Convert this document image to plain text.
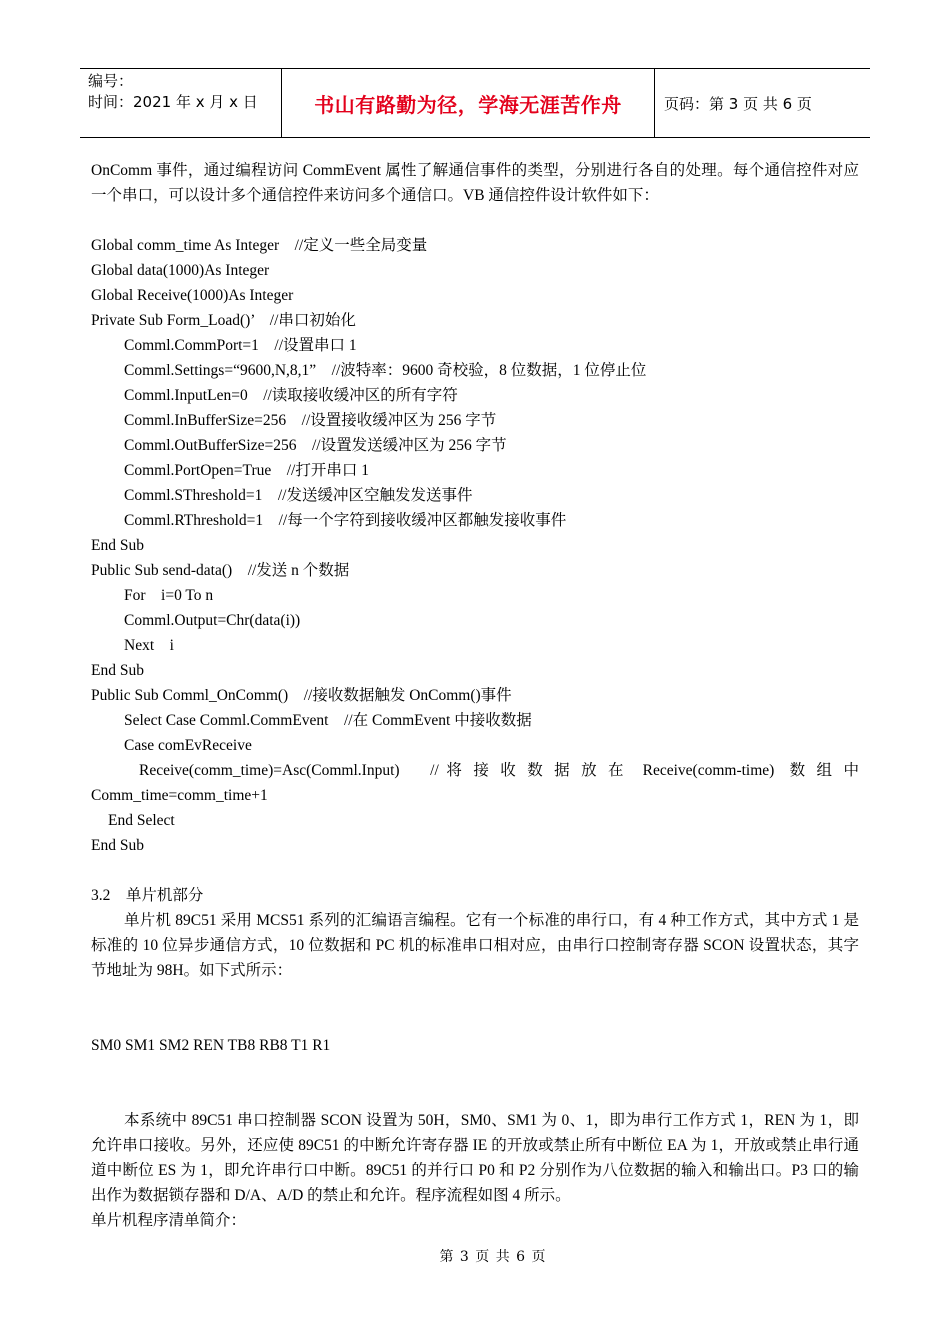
编号：
时间：2021 年 x 月 x 日	书山有路勤为径，学海无涯苦作舟	页码：第 3 页 共 6 页

OnComm 事件，通过编程访问 CommEvent 属性了解通信事件的类型，分别进行各自的处理。每个通信控件对应一个串口，可以设计多个通信控件来访问多个通信口。VB 通信控件设计软件如下：

Global comm_time As Integer    //定义一些全局变量

Global data(1000)As Integer

Global Receive(1000)As Integer

Private Sub Form_Load()’    //串口初始化

Comml.CommPort=1    //设置串口 1

Comml.Settings=“9600,N,8,1”    //波特率：9600 奇校验，8 位数据，1 位停止位

Comml.InputLen=0    //读取接收缓冲区的所有字符

Comml.InBufferSize=256    //设置接收缓冲区为 256 字节

Comml.OutBufferSize=256    //设置发送缓冲区为 256 字节

Comml.PortOpen=True    //打开串口 1

Comml.SThreshold=1    //发送缓冲区空触发发送事件

Comml.RThreshold=1    //每一个字符到接收缓冲区都触发接收事件

End Sub

Public Sub send-data()    //发送 n 个数据

For    i=0 To n

Comml.Output=Chr(data(i))

Next    i

End Sub

Public Sub Comml_OnComm()    //接收数据触发 OnComm()事件

Select Case Comml.CommEvent    //在 CommEvent 中接收数据

Case comEvReceive

Receive(comm_time)=Asc(Comml.Input)    // 将 接 收 数 据 放 在  Receive(comm-time)  数 组 中

Comm_time=comm_time+1

End Select

End Sub

3.2    单片机部分

单片机 89C51 采用 MCS51 系列的汇编语言编程。它有一个标准的串行口，有 4 种工作方式，其中方式 1 是标准的 10 位异步通信方式，10 位数据和 PC 机的标准串口相对应，由串行口控制寄存器 SCON 设置状态，其字节地址为 98H。如下式所示：

SM0 SM1 SM2 REN TB8 RB8 T1 R1

本系统中 89C51 串口控制器 SCON 设置为 50H，SM0、SM1 为 0、1，即为串行工作方式 1，REN 为 1，即允许串口接收。另外，还应使 89C51 的中断允许寄存器 IE 的开放或禁止所有中断位 EA 为 1，开放或禁止串行通道中断位 ES 为 1，即允许串行口中断。89C51 的并行口 P0 和 P2 分别作为八位数据的输入和输出口。P3 口的输出作为数据锁存器和 D/A、A/D 的禁止和允许。程序流程如图 4 所示。

单片机程序清单简介：

第 3 页 共 6 页
